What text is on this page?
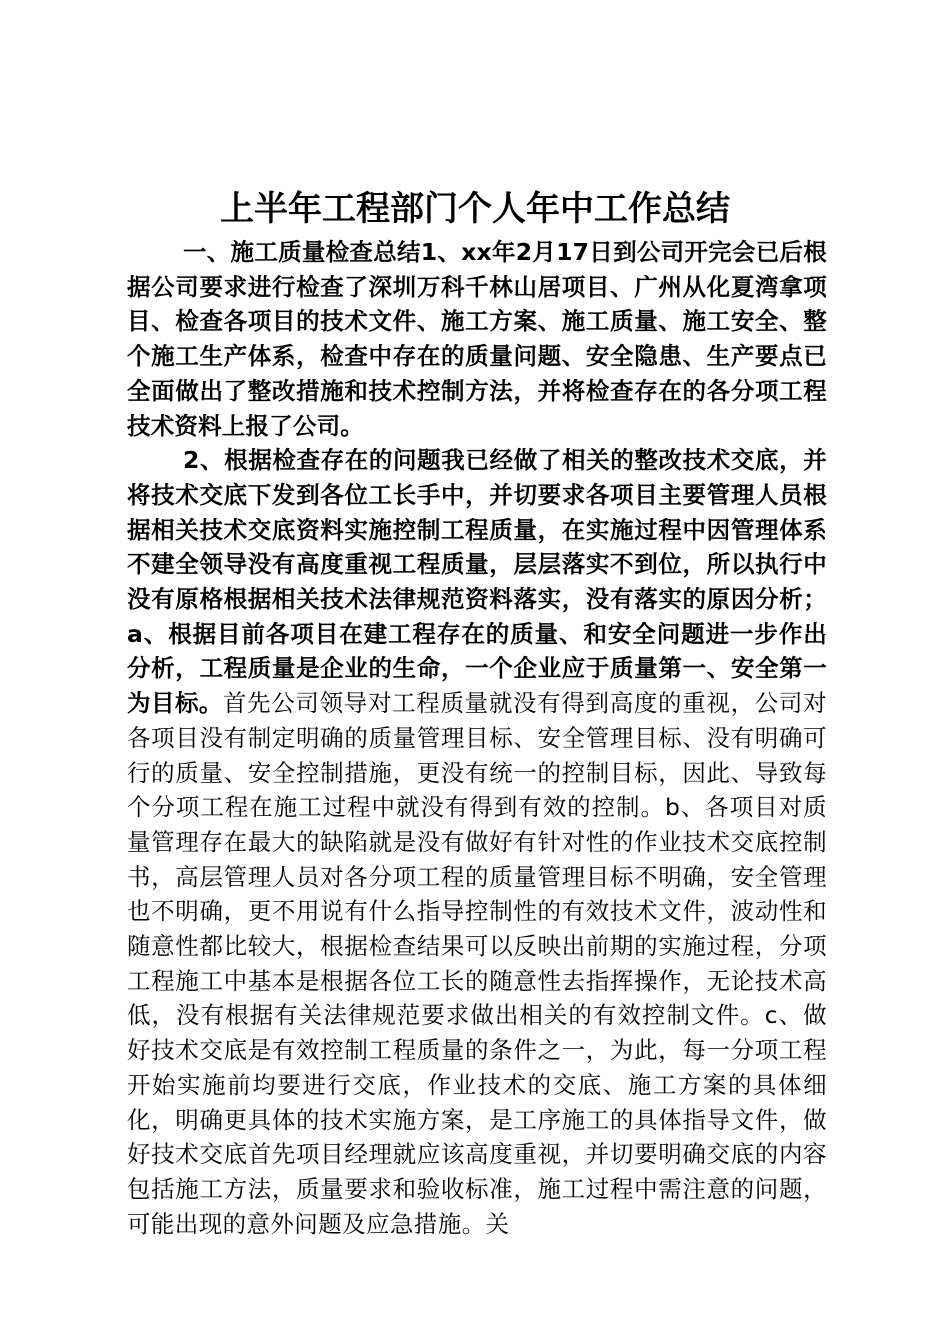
上半年工程部门个人年中工作总结

一、施工质量检查总结1、xx年2月17日到公司开完会已后根据公司要求进行检查了深圳万科千林山居项目、广州从化夏湾拿项目、检查各项目的技术文件、施工方案、施工质量、施工安全、整个施工生产体系，检查中存在的质量问题、安全隐患、生产要点已全面做出了整改措施和技术控制方法，并将检查存在的各分项工程技术资料上报了公司。

2、根据检查存在的问题我已经做了相关的整改技术交底，并将技术交底下发到各位工长手中，并切要求各项目主要管理人员根据相关技术交底资料实施控制工程质量，在实施过程中因管理体系不建全领导没有高度重视工程质量，层层落实不到位，所以执行中没有原格根据相关技术法律规范资料落实，没有落实的原因分析；a、根据目前各项目在建工程存在的质量、和安全问题进一步作出分析，工程质量是企业的生命，一个企业应于质量第一、安全第一为目标。首先公司领导对工程质量就没有得到高度的重视，公司对各项目没有制定明确的质量管理目标、安全管理目标、没有明确可行的质量、安全控制措施，更没有统一的控制目标，因此、导致每个分项工程在施工过程中就没有得到有效的控制。b、各项目对质量管理存在最大的缺陷就是没有做好有针对性的作业技术交底控制书，高层管理人员对各分项工程的质量管理目标不明确，安全管理也不明确，更不用说有什么指导控制性的有效技术文件，波动性和随意性都比较大，根据检查结果可以反映出前期的实施过程，分项工程施工中基本是根据各位工长的随意性去指挥操作，无论技术高低，没有根据有关法律规范要求做出相关的有效控制文件。c、做好技术交底是有效控制工程质量的条件之一，为此，每一分项工程开始实施前均要进行交底，作业技术的交底、施工方案的具体细化，明确更具体的技术实施方案，是工序施工的具体指导文件，做好技术交底首先项目经理就应该高度重视，并切要明确交底的内容包括施工方法，质量要求和验收标准，施工过程中需注意的问题，可能出现的意外问题及应急措施。关
